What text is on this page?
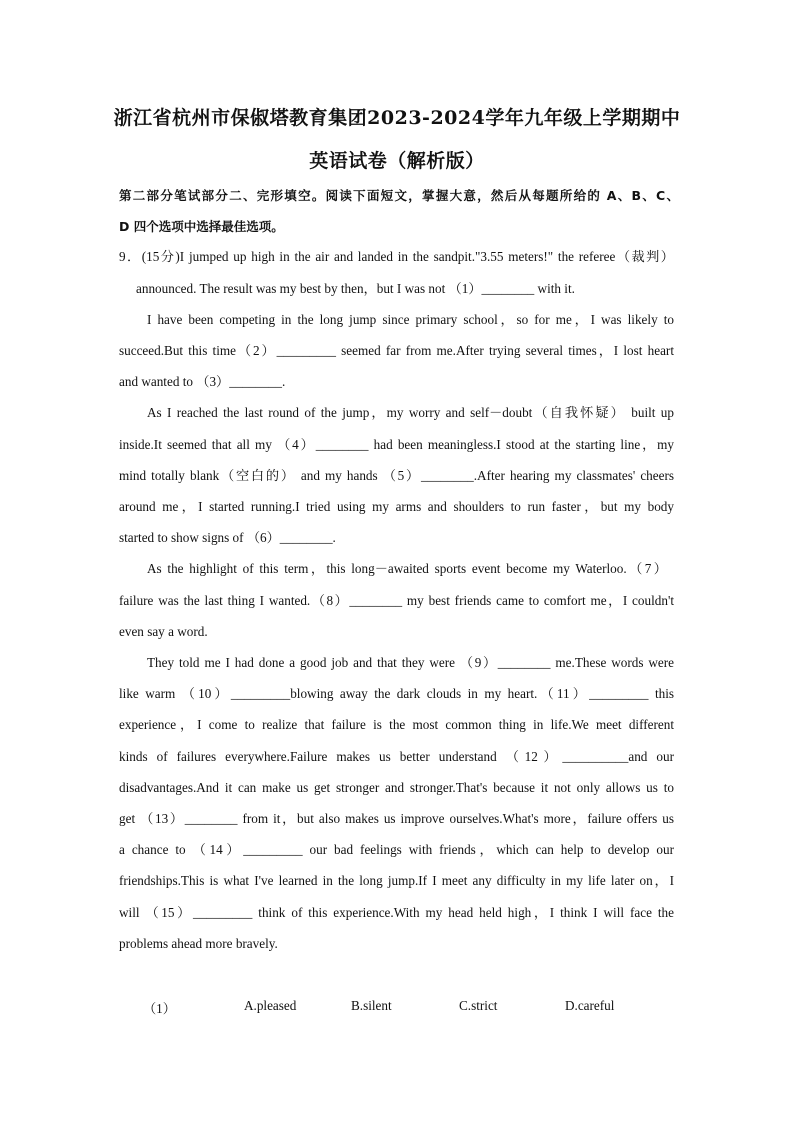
浙江省杭州市保俶塔教育集团2023-2024学年九年级上学期期中
英语试卷（解析版）
第二部分笔试部分二、完形填空。阅读下面短文，掌握大意，然后从每题所给的 A、B、C、
D 四个选项中选择最佳选项。
9．(15分)I jumped up high in the air and landed in the sandpit."3.55 meters!" the referee（裁判）
announced. The result was my best by then，but I was not （1）________ with it.
I have been competing in the long jump since primary school，so for me，I was likely to
succeed.But this time（2）_________ seemed far from me.After trying several times，I lost heart
and wanted to （3）________.
As I reached the last round of the jump，my worry and self－doubt（自我怀疑） built up
inside.It seemed that all my （4）________ had been meaningless.I stood at the starting line，my
mind totally blank（空白的） and my hands （5）________.After hearing my classmates' cheers
around me，I started running.I tried using my arms and shoulders to run faster，but my body
started to show signs of （6）________.
As the highlight of this term，this long－awaited sports event become my Waterloo.（7）
failure was the last thing I wanted.（8）________ my best friends came to comfort me，I couldn't
even say a word.
They told me I had done a good job and that they were （9）________ me.These words were
like warm （10）_________blowing away the dark clouds in my heart.（11）_________ this
experience，I come to realize that failure is the most common thing in life.We meet different
kinds of failures everywhere.Failure makes us better understand （12）__________and our
disadvantages.And it can make us get stronger and stronger.That's because it not only allows us to
get （13）________ from it，but also makes us improve ourselves.What's more，failure offers us
a chance to （14）_________ our bad feelings with friends，which can help to develop our
friendships.This is what I've learned in the long jump.If I meet any difficulty in my life later on，I
will （15）_________ think of this experience.With my head held high，I think I will face the
problems ahead more bravely.
（1）	A.pleased	B.silent	C.strict	D.careful
